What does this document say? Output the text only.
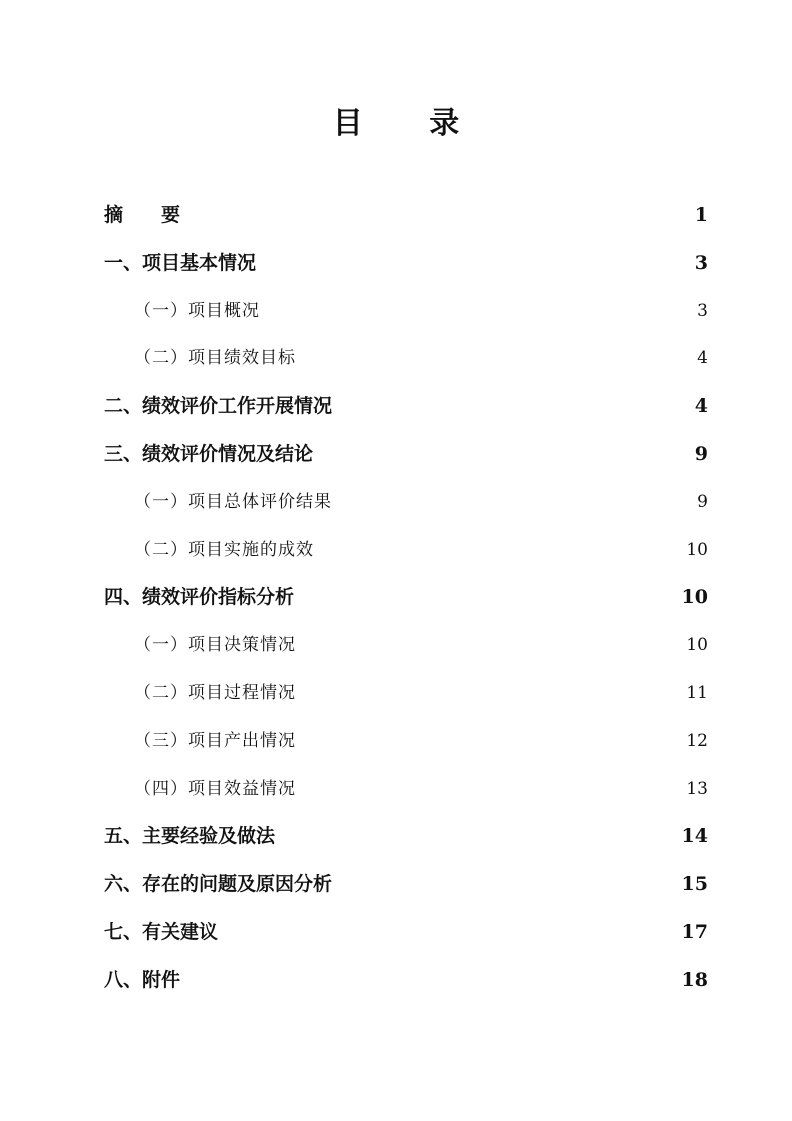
目 录
摘　　要	1
一、项目基本情况	3
（一）项目概况	3
（二）项目绩效目标	4
二、绩效评价工作开展情况	4
三、绩效评价情况及结论	9
（一）项目总体评价结果	9
（二）项目实施的成效	10
四、绩效评价指标分析	10
（一）项目决策情况	10
（二）项目过程情况	11
（三）项目产出情况	12
（四）项目效益情况	13
五、主要经验及做法	14
六、存在的问题及原因分析	15
七、有关建议	17
八、附件	18
